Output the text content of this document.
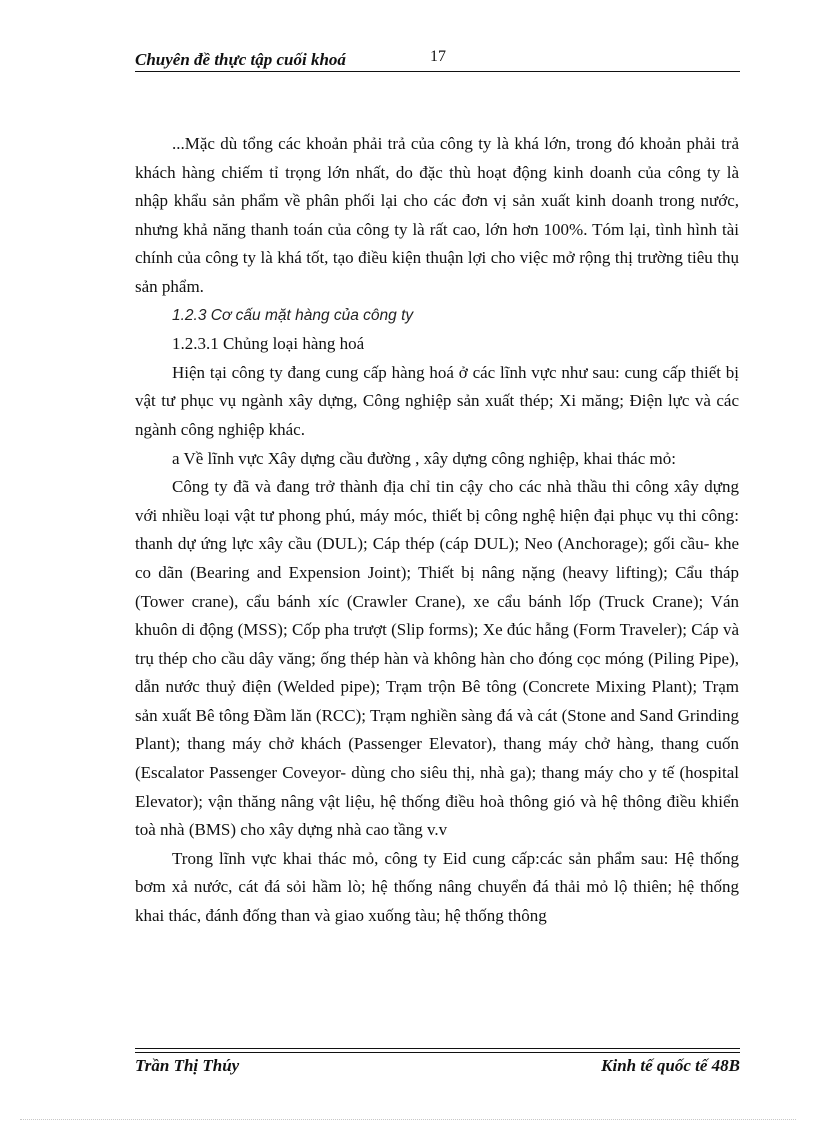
Chuyên đề thực tập cuối khoá	17

...Mặc dù tổng các khoản phải trả của công ty là khá lớn, trong đó khoản phải trả khách hàng chiếm tỉ trọng lớn nhất, do đặc thù hoạt động kinh doanh của công ty là nhập khẩu sản phẩm về phân phối lại cho các đơn vị sản xuất kinh doanh trong nước, nhưng khả năng thanh toán của công ty là rất cao, lớn hơn 100%. Tóm lại, tình hình tài chính của công ty là khá tốt, tạo điều kiện thuận lợi cho việc mở rộng thị trường tiêu thụ sản phẩm.

1.2.3 Cơ cấu mặt hàng của công ty

1.2.3.1 Chủng loại hàng hoá

Hiện tại công ty đang cung cấp hàng hoá ở các lĩnh vực như sau: cung cấp thiết bị vật tư phục vụ ngành xây dựng, Công nghiệp sản xuất thép; Xi măng; Điện lực và các ngành công nghiệp khác.

a Về lĩnh vực Xây dựng cầu đường , xây dựng công nghiệp, khai thác mỏ:

Công ty đã và đang trở thành địa chỉ tin cậy cho các nhà thầu thi công xây dựng với nhiều loại vật tư phong phú, máy móc, thiết bị công nghệ hiện đại phục vụ thi công: thanh dự ứng lực xây cầu (DUL); Cáp thép (cáp DUL); Neo (Anchorage); gối cầu- khe co dãn (Bearing and Expension Joint); Thiết bị nâng nặng (heavy lifting); Cẩu tháp (Tower crane), cẩu bánh xíc (Crawler Crane), xe cẩu bánh lốp (Truck Crane); Ván khuôn di động (MSS); Cốp pha trượt (Slip forms); Xe đúc hẫng (Form Traveler); Cáp và trụ thép cho cầu dây văng; ống thép hàn và không hàn cho đóng cọc móng (Piling Pipe), dẫn nước thuỷ điện (Welded pipe); Trạm trộn Bê tông (Concrete Mixing Plant); Trạm sản xuất Bê tông Đầm lăn (RCC); Trạm nghiền sàng đá và cát (Stone and Sand Grinding Plant); thang máy chở khách (Passenger Elevator), thang máy chở hàng, thang cuốn (Escalator Passenger Coveyor- dùng cho siêu thị, nhà ga); thang máy cho y tế (hospital Elevator); vận thăng nâng vật liệu, hệ thống điều hoà thông gió và hệ thông điều khiển toà nhà (BMS) cho xây dựng nhà cao tầng v.v

Trong lĩnh vực khai thác mỏ, công ty Eid cung cấp:các sản phẩm sau: Hệ thống bơm xả nước, cát đá sỏi hầm lò; hệ thống nâng chuyển đá thải mỏ lộ thiên; hệ thống khai thác, đánh đống than và giao xuống tàu; hệ thống thông

Trần Thị Thúy	Kinh tế quốc tế 48B
